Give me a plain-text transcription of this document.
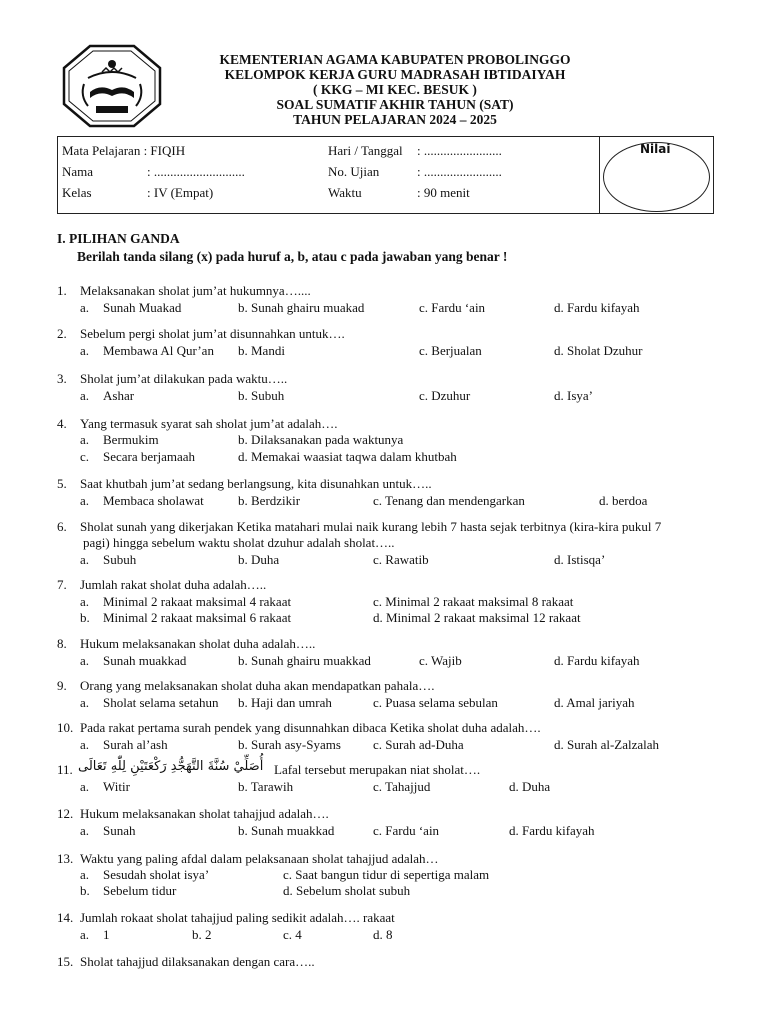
KEMENTERIAN AGAMA KABUPATEN PROBOLINGGO
KELOMPOK KERJA GURU MADRASAH IBTIDAIYAH
( KKG – MI KEC. BESUK )
SOAL SUMATIF AKHIR TAHUN (SAT)
TAHUN PELAJARAN 2024 – 2025
Nilai
Mata Pelajaran : FIQIH	Hari / Tanggal : ........................
Nama	: ............................	No. Ujian	: ........................
Kelas	: IV (Empat)	Waktu	: 90 menit
I. PILIHAN GANDA
Berilah tanda silang (x) pada huruf a, b, atau c pada jawaban yang benar !
1. Melaksanakan sholat jum’at hukumnya…....
a. Sunah Muakad	b. Sunah ghairu muakad	c. Fardu ‘ain	d. Fardu kifayah
2. Sebelum pergi sholat jum’at disunnahkan untuk….
a. Membawa Al Qur’an b. Mandi	c. Berjualan	d. Sholat Dzuhur
3. Sholat jum’at dilakukan pada waktu…..
a. Ashar	b. Subuh	c. Dzuhur	d. Isya’
4. Yang termasuk syarat sah sholat jum’at adalah….
a. Bermukim	b. Dilaksanakan pada waktunya
c. Secara berjamaah	d. Memakai waasiat taqwa dalam khutbah
5. Saat khutbah jum’at sedang berlangsung, kita disunahkan untuk…..
a. Membaca sholawat	b. Berdzikir	c. Tenang dan mendengarkan	d. berdoa
6. Sholat sunah yang dikerjakan Ketika matahari mulai naik kurang lebih 7 hasta sejak terbitnya (kira-kira pukul 7
pagi) hingga sebelum waktu sholat dzuhur adalah sholat…..
a. Subuh	b. Duha	c. Rawatib	d. Istisqa’
7. Jumlah rakat sholat duha adalah…..
a. Minimal 2 rakaat maksimal 4 rakaat	c. Minimal 2 rakaat maksimal 8 rakaat
b. Minimal 2 rakaat maksimal 6 rakaat	d. Minimal 2 rakaat maksimal 12 rakaat
8. Hukum melaksanakan sholat duha adalah…..
a. Sunah muakkad	b. Sunah ghairu muakkad	c. Wajib	d. Fardu kifayah
9. Orang yang melaksanakan sholat duha akan mendapatkan pahala….
a. Sholat selama setahun b. Haji dan umrah	c. Puasa selama sebulan	d. Amal jariyah
10. Pada rakat pertama surah pendek yang disunnahkan dibaca Ketika sholat duha adalah….
a. Surah al’ash	b. Surah asy-Syams c. Surah ad-Duha	d. Surah al-Zalzalah
11. أُصَلِّيْ سُنَّةَ التَّهَجُّدِ رَكْعَتَيْنِ لِلّٰهِ تَعَالَى Lafal tersebut merupakan niat sholat….
a. Witir	b. Tarawih	c. Tahajjud	d. Duha
12. Hukum melaksanakan sholat tahajjud adalah….
a. Sunah	b. Sunah muakkad	c. Fardu ‘ain	d. Fardu kifayah
13. Waktu yang paling afdal dalam pelaksanaan sholat tahajjud adalah…
a. Sesudah sholat isya’	c. Saat bangun tidur di sepertiga malam
b. Sebelum tidur	d. Sebelum sholat subuh
14. Jumlah rokaat sholat tahajjud paling sedikit adalah…. rakaat
a. 1	b. 2	c. 4	d. 8
15. Sholat tahajjud dilaksanakan dengan cara…..
